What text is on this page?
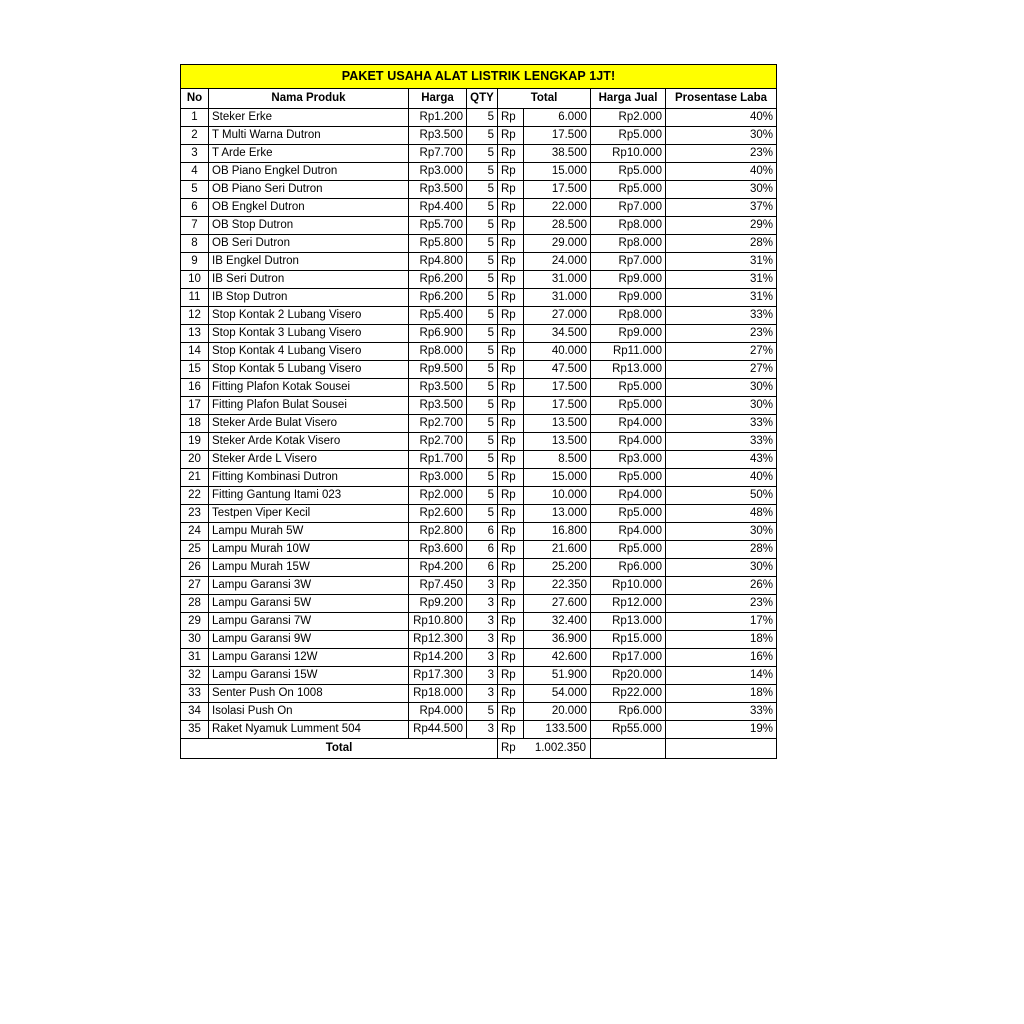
PAKET USAHA ALAT LISTRIK LENGKAP 1JT!							
No	Nama Produk	Harga	QTY	Total		Harga Jual	Prosentase Laba
1	Steker Erke	Rp1.200	5	Rp	6.000	Rp2.000	40%
2	T Multi Warna Dutron	Rp3.500	5	Rp	17.500	Rp5.000	30%
3	T Arde Erke	Rp7.700	5	Rp	38.500	Rp10.000	23%
4	OB Piano Engkel Dutron	Rp3.000	5	Rp	15.000	Rp5.000	40%
5	OB Piano Seri Dutron	Rp3.500	5	Rp	17.500	Rp5.000	30%
6	OB Engkel Dutron	Rp4.400	5	Rp	22.000	Rp7.000	37%
7	OB Stop Dutron	Rp5.700	5	Rp	28.500	Rp8.000	29%
8	OB Seri Dutron	Rp5.800	5	Rp	29.000	Rp8.000	28%
9	IB Engkel Dutron	Rp4.800	5	Rp	24.000	Rp7.000	31%
10	IB Seri Dutron	Rp6.200	5	Rp	31.000	Rp9.000	31%
11	IB Stop Dutron	Rp6.200	5	Rp	31.000	Rp9.000	31%
12	Stop Kontak 2 Lubang Visero	Rp5.400	5	Rp	27.000	Rp8.000	33%
13	Stop Kontak 3 Lubang Visero	Rp6.900	5	Rp	34.500	Rp9.000	23%
14	Stop Kontak 4 Lubang Visero	Rp8.000	5	Rp	40.000	Rp11.000	27%
15	Stop Kontak 5 Lubang Visero	Rp9.500	5	Rp	47.500	Rp13.000	27%
16	Fitting Plafon Kotak Sousei	Rp3.500	5	Rp	17.500	Rp5.000	30%
17	Fitting Plafon Bulat Sousei	Rp3.500	5	Rp	17.500	Rp5.000	30%
18	Steker Arde Bulat Visero	Rp2.700	5	Rp	13.500	Rp4.000	33%
19	Steker Arde Kotak Visero	Rp2.700	5	Rp	13.500	Rp4.000	33%
20	Steker Arde L Visero	Rp1.700	5	Rp	8.500	Rp3.000	43%
21	Fitting Kombinasi Dutron	Rp3.000	5	Rp	15.000	Rp5.000	40%
22	Fitting Gantung Itami 023	Rp2.000	5	Rp	10.000	Rp4.000	50%
23	Testpen Viper Kecil	Rp2.600	5	Rp	13.000	Rp5.000	48%
24	Lampu Murah 5W	Rp2.800	6	Rp	16.800	Rp4.000	30%
25	Lampu Murah 10W	Rp3.600	6	Rp	21.600	Rp5.000	28%
26	Lampu Murah 15W	Rp4.200	6	Rp	25.200	Rp6.000	30%
27	Lampu Garansi 3W	Rp7.450	3	Rp	22.350	Rp10.000	26%
28	Lampu Garansi 5W	Rp9.200	3	Rp	27.600	Rp12.000	23%
29	Lampu Garansi 7W	Rp10.800	3	Rp	32.400	Rp13.000	17%
30	Lampu Garansi 9W	Rp12.300	3	Rp	36.900	Rp15.000	18%
31	Lampu Garansi 12W	Rp14.200	3	Rp	42.600	Rp17.000	16%
32	Lampu Garansi 15W	Rp17.300	3	Rp	51.900	Rp20.000	14%
33	Senter Push On 1008	Rp18.000	3	Rp	54.000	Rp22.000	18%
34	Isolasi Push On	Rp4.000	5	Rp	20.000	Rp6.000	33%
35	Raket Nyamuk Lumment 504	Rp44.500	3	Rp	133.500	Rp55.000	19%
Total				Rp	1.002.350		
